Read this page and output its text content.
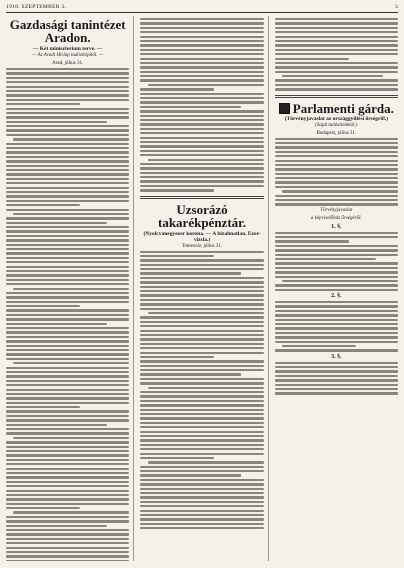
1918. SZEPTEMBER 3.	3
Gazdasági tanintézet Aradon.
— Két miniszterium terve. —
— Az Aradi Hírlap tudósítójától. —
Arad, július 31.
Uzsorázó takarékpénztár.
(Nyolcvanegyezer korona. — A bizalmatlan. Ezer-vizsla.)
Temesvár, július 31.
Parlamenti gárda.
(Törvényjavaslat az országgyűlési őrségről.)
(Saját tudósítónktól.)
Budapest, július 31.
Törvényjavaslat
a képviselőház őrségéről.
1. §.
2. §.
3. §.
